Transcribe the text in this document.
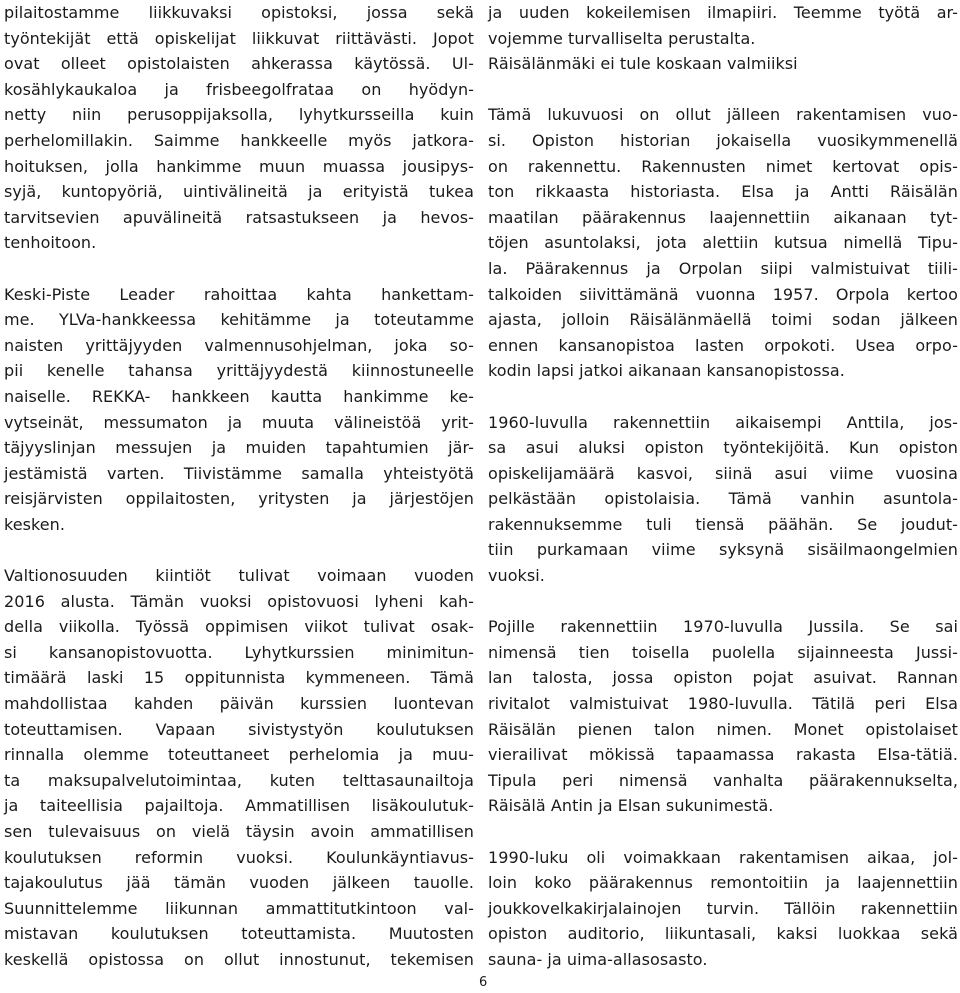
pilaitostamme liikkuvaksi opistoksi, jossa sekä
työntekijät että opiskelijat liikkuvat riittävästi. Jopot
ovat olleet opistolaisten ahkerassa käytössä. Ul-
kosählykaukaloa ja frisbeegolfrataa on hyödyn-
netty niin perusoppijaksolla, lyhytkursseilla kuin
perhelomillakin. Saimme hankkeelle myös jatkora-
hoituksen, jolla hankimme muun muassa jousipys-
syjä, kuntopyöriä, uintivälineitä ja erityistä tukea
tarvitsevien apuvälineitä ratsastukseen ja hevos-
tenhoitoon.
Keski-Piste Leader rahoittaa kahta hankettam-
me. YLVa-hankkeessa kehitämme ja toteutamme
naisten yrittäjyyden valmennusohjelman, joka so-
pii kenelle tahansa yrittäjyydestä kiinnostuneelle
naiselle. REKKA- hankkeen kautta hankimme ke-
vytseinät, messumaton ja muuta välineistöä yrit-
täjyyslinjan messujen ja muiden tapahtumien jär-
jestämistä varten. Tiivistämme samalla yhteistyötä
reisjärvisten oppilaitosten, yritysten ja järjestöjen
kesken.
Valtionosuuden kiintiöt tulivat voimaan vuoden
2016 alusta. Tämän vuoksi opistovuosi lyheni kah-
della viikolla. Työssä oppimisen viikot tulivat osak-
si kansanopistovuotta. Lyhytkurssien minimitun-
timäärä laski 15 oppitunnista kymmeneen. Tämä
mahdollistaa kahden päivän kurssien luontevan
toteuttamisen. Vapaan sivistystyön koulutuksen
rinnalla olemme toteuttaneet perhelomia ja muu-
ta maksupalvelutoimintaa, kuten telttasaunailtoja
ja taiteellisia pajailtoja. Ammatillisen lisäkoulutuk-
sen tulevaisuus on vielä täysin avoin ammatillisen
koulutuksen reformin vuoksi. Koulunkäyntiavus-
tajakoulutus jää tämän vuoden jälkeen tauolle.
Suunnittelemme liikunnan ammattitutkintoon val-
mistavan koulutuksen toteuttamista. Muutosten
keskellä opistossa on ollut innostunut, tekemisen
ja uuden kokeilemisen ilmapiiri. Teemme työtä ar-
vojemme turvalliselta perustalta.
Räisälänmäki ei tule koskaan valmiiksi
Tämä lukuvuosi on ollut jälleen rakentamisen vuo-
si. Opiston historian jokaisella vuosikymmenellä
on rakennettu. Rakennusten nimet kertovat opis-
ton rikkaasta historiasta. Elsa ja Antti Räisälän
maatilan päärakennus laajennettiin aikanaan tyt-
töjen asuntolaksi, jota alettiin kutsua nimellä Tipu-
la. Päärakennus ja Orpolan siipi valmistuivat tiili-
talkoiden siivittämänä vuonna 1957. Orpola kertoo
ajasta, jolloin Räisälänmäellä toimi sodan jälkeen
ennen kansanopistoa lasten orpokoti. Usea orpo-
kodin lapsi jatkoi aikanaan kansanopistossa.
1960-luvulla rakennettiin aikaisempi Anttila, jos-
sa asui aluksi opiston työntekijöitä. Kun opiston
opiskelijamäärä kasvoi, siinä asui viime vuosina
pelkästään opistolaisia. Tämä vanhin asuntola-
rakennuksemme tuli tiensä päähän. Se joudut-
tiin purkamaan viime syksynä sisäilmaongelmien
vuoksi.
Pojille rakennettiin 1970-luvulla Jussila. Se sai
nimensä tien toisella puolella sijainneesta Jussi-
lan talosta, jossa opiston pojat asuivat. Rannan
rivitalot valmistuivat 1980-luvulla. Tätilä peri Elsa
Räisälän pienen talon nimen. Monet opistolaiset
vierailivat mökissä tapaamassa rakasta Elsa-tätiä.
Tipula peri nimensä vanhalta päärakennukselta,
Räisälä Antin ja Elsan sukunimestä.
1990-luku oli voimakkaan rakentamisen aikaa, jol-
loin koko päärakennus remontoitiin ja laajennettiin
joukkovelkakirjalainojen turvin. Tällöin rakennettiin
opiston auditorio, liikuntasali, kaksi luokkaa sekä
sauna- ja uima-allasosasto.
6
